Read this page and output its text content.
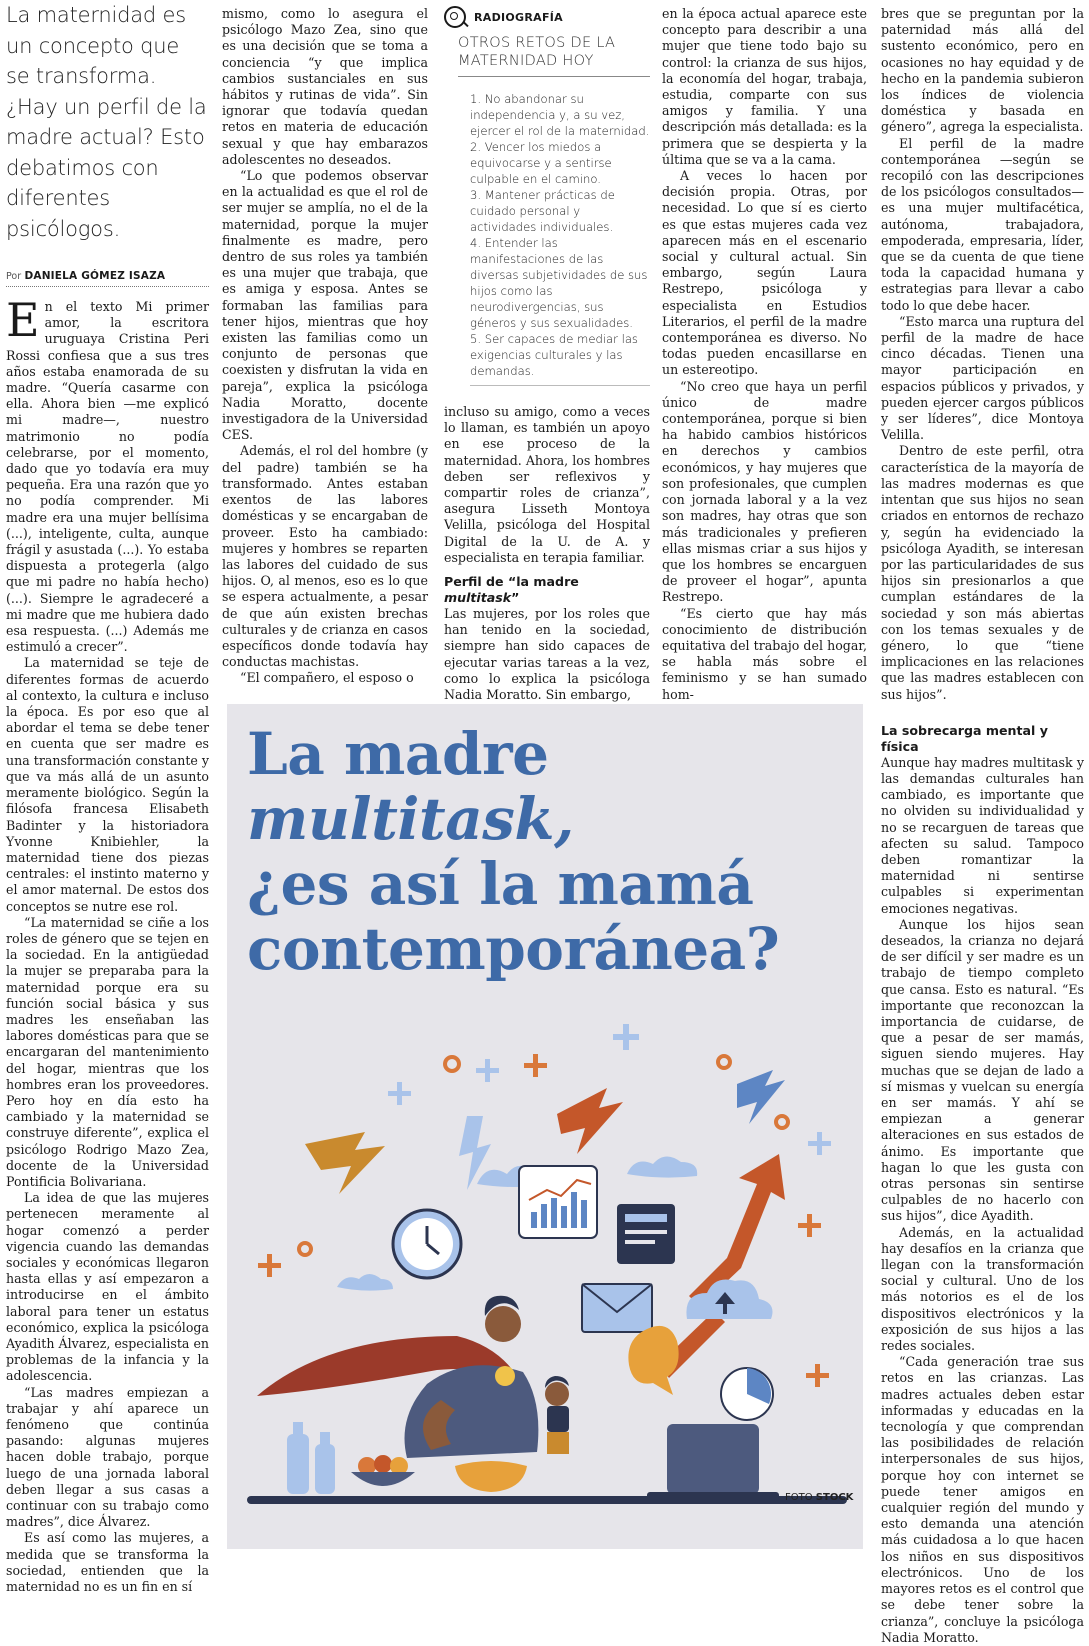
La maternidad es un concepto que se transforma. ¿Hay un perfil de la madre actual? Esto debatimos con diferentes psicólogos.
Por DANIELA GÓMEZ ISAZA

En el texto Mi primer amor, la escritora uruguaya Cristina Peri Rossi confiesa que a sus tres años estaba enamorada de su madre. “Quería casarme con ella. Ahora bien —me explicó mi madre—, nuestro matrimonio no podía celebrarse, por el momento, dado que yo todavía era muy pequeña. Era una razón que yo no podía comprender. Mi madre era una mujer bellísima (...), inteligente, culta, aunque frágil y asustada (...). Yo estaba dispuesta a protegerla (algo que mi padre no había hecho) (...). Siempre le agradeceré a mi madre que me hubiera dado esa respuesta. (...) Además me estimuló a crecer”.

La maternidad se teje de diferentes formas de acuerdo al contexto, la cultura e incluso la época. Es por eso que al abordar el tema se debe tener en cuenta que ser madre es una transformación constante y que va más allá de un asunto meramente biológico. Según la filósofa francesa Elisabeth Badinter y la historiadora Yvonne Knibiehler, la maternidad tiene dos piezas centrales: el instinto materno y el amor maternal. De estos dos conceptos se nutre ese rol.

“La maternidad se ciñe a los roles de género que se tejen en la sociedad. En la antigüedad la mujer se preparaba para la maternidad porque era su función social básica y sus madres les enseñaban las labores domésticas para que se encargaran del mantenimiento del hogar, mientras que los hombres eran los proveedores. Pero hoy en día esto ha cambiado y la maternidad se construye diferente”, explica el psicólogo Rodrigo Mazo Zea, docente de la Universidad Pontificia Bolivariana.

La idea de que las mujeres pertenecen meramente al hogar comenzó a perder vigencia cuando las demandas sociales y económicas llegaron hasta ellas y así empezaron a introducirse en el ámbito laboral para tener un estatus económico, explica la psicóloga Ayadith Álvarez, especialista en problemas de la infancia y la adolescencia.

“Las madres empiezan a trabajar y ahí aparece un fenómeno que continúa pasando: algunas mujeres hacen doble trabajo, porque luego de una jornada laboral deben llegar a sus casas a continuar con su trabajo como madres”, dice Álvarez.

Es así como las mujeres, a medida que se transforma la sociedad, entienden que la maternidad no es un fin en sí

mismo, como lo asegura el psicólogo Mazo Zea, sino que es una decisión que se toma a conciencia “y que implica cambios sustanciales en sus hábitos y rutinas de vida”. Sin ignorar que todavía quedan retos en materia de educación sexual y que hay embarazos adolescentes no deseados.

“Lo que podemos observar en la actualidad es que el rol de ser mujer se amplía, no el de la maternidad, porque la mujer finalmente es madre, pero dentro de sus roles ya también es una mujer que trabaja, que es amiga y esposa. Antes se formaban las familias para tener hijos, mientras que hoy existen las familias como un conjunto de personas que coexisten y disfrutan la vida en pareja”, explica la psicóloga Nadia Moratto, docente investigadora de la Universidad CES.

Además, el rol del hombre (y del padre) también se ha transformado. Antes estaban exentos de las labores domésticas y se encargaban de proveer. Esto ha cambiado: mujeres y hombres se reparten las labores del cuidado de sus hijos. O, al menos, eso es lo que se espera actualmente, a pesar de que aún existen brechas culturales y de crianza en casos específicos donde todavía hay conductas machistas.

“El compañero, el esposo o

RADIOGRAFÍA
OTROS RETOS DE LA
MATERNIDAD HOY
1. No abandonar su independencia y, a su vez, ejercer el rol de la maternidad.
2. Vencer los miedos a equivocarse y a sentirse culpable en el camino.
3. Mantener prácticas de cuidado personal y actividades individuales.
4. Entender las manifestaciones de las diversas subjetividades de sus hijos como las neurodivergencias, sus géneros y sus sexualidades.
5. Ser capaces de mediar las exigencias culturales y las demandas.

incluso su amigo, como a veces lo llaman, es también un apoyo en ese proceso de la maternidad. Ahora, los hombres deben ser reflexivos y compartir roles de crianza”, asegura Lisseth Montoya Velilla, psicóloga del Hospital Digital de la U. de A. y especialista en terapia familiar.

Perfil de “la madre multitask”

Las mujeres, por los roles que han tenido en la sociedad, siempre han sido capaces de ejecutar varias tareas a la vez, como lo explica la psicóloga Nadia Moratto. Sin embargo,

en la época actual aparece este concepto para describir a una mujer que tiene todo bajo su control: la crianza de sus hijos, la economía del hogar, trabaja, estudia, comparte con sus amigos y familia. Y una descripción más detallada: es la primera que se despierta y la última que se va a la cama.

A veces lo hacen por decisión propia. Otras, por necesidad. Lo que sí es cierto es que estas mujeres cada vez aparecen más en el escenario social y cultural actual. Sin embargo, según Laura Restrepo, psicóloga y especialista en Estudios Literarios, el perfil de la madre contemporánea es diverso. No todas pueden encasillarse en un estereotipo.

“No creo que haya un perfil único de madre contemporánea, porque si bien ha habido cambios históricos en derechos y cambios económicos, y hay mujeres que son profesionales, que cumplen con jornada laboral y a la vez son madres, hay otras que son más tradicionales y prefieren ellas mismas criar a sus hijos y que los hombres se encarguen de proveer el hogar”, apunta Restrepo.

“Es cierto que hay más conocimiento de distribución equitativa del trabajo del hogar, se habla más sobre el feminismo y se han sumado hom-

bres que se preguntan por la paternidad más allá del sustento económico, pero en ocasiones no hay equidad y de hecho en la pandemia subieron los índices de violencia doméstica y basada en género”, agrega la especialista.

El perfil de la madre contemporánea —según se recopiló con las descripciones de los psicólogos consultados— es una mujer multifacética, autónoma, trabajadora, empoderada, empresaria, líder, que se da cuenta de que tiene toda la capacidad humana y estrategias para llevar a cabo todo lo que debe hacer.

“Esto marca una ruptura del perfil de la madre de hace cinco décadas. Tienen una mayor participación en espacios públicos y privados, y pueden ejercer cargos públicos y ser líderes”, dice Montoya Velilla.

Dentro de este perfil, otra característica de la mayoría de las madres modernas es que intentan que sus hijos no sean criados en entornos de rechazo y, según ha evidenciado la psicóloga Ayadith, se interesan por las particularidades de sus hijos sin presionarlos a que cumplan estándares de la sociedad y son más abiertas con los temas sexuales y de género, lo que “tiene implicaciones en las relaciones que las madres establecen con sus hijos”.

La sobrecarga mental y física

Aunque hay madres multitask y las demandas culturales han cambiado, es importante que no olviden su individualidad y no se recarguen de tareas que afecten su salud. Tampoco deben romantizar la maternidad ni sentirse culpables si experimentan emociones negativas.

Aunque los hijos sean deseados, la crianza no dejará de ser difícil y ser madre es un trabajo de tiempo completo que cansa. Esto es natural. “Es importante que reconozcan la importancia de cuidarse, de que a pesar de ser mamás, siguen siendo mujeres. Hay muchas que se dejan de lado a sí mismas y vuelcan su energía en ser mamás. Y ahí se empiezan a generar alteraciones en sus estados de ánimo. Es importante que hagan lo que les gusta con otras personas sin sentirse culpables de no hacerlo con sus hijos”, dice Ayadith.

Además, en la actualidad hay desafíos en la crianza que llegan con la transformación social y cultural. Uno de los más notorios es el de los dispositivos electrónicos y la exposición de sus hijos a las redes sociales.

“Cada generación trae sus retos en las crianzas. Las madres actuales deben estar informadas y educadas en la tecnología y que comprendan las posibilidades de relación interpersonales de sus hijos, porque hoy con internet se puede tener amigos en cualquier región del mundo y esto demanda una atención más cuidadosa a lo que hacen los niños en sus dispositivos electrónicos. Uno de los mayores retos es el control que se debe tener sobre la crianza”, concluye la psicóloga Nadia Moratto.

La madre
multitask,
¿es así la mamá
contemporánea?
FOTO STOCK
